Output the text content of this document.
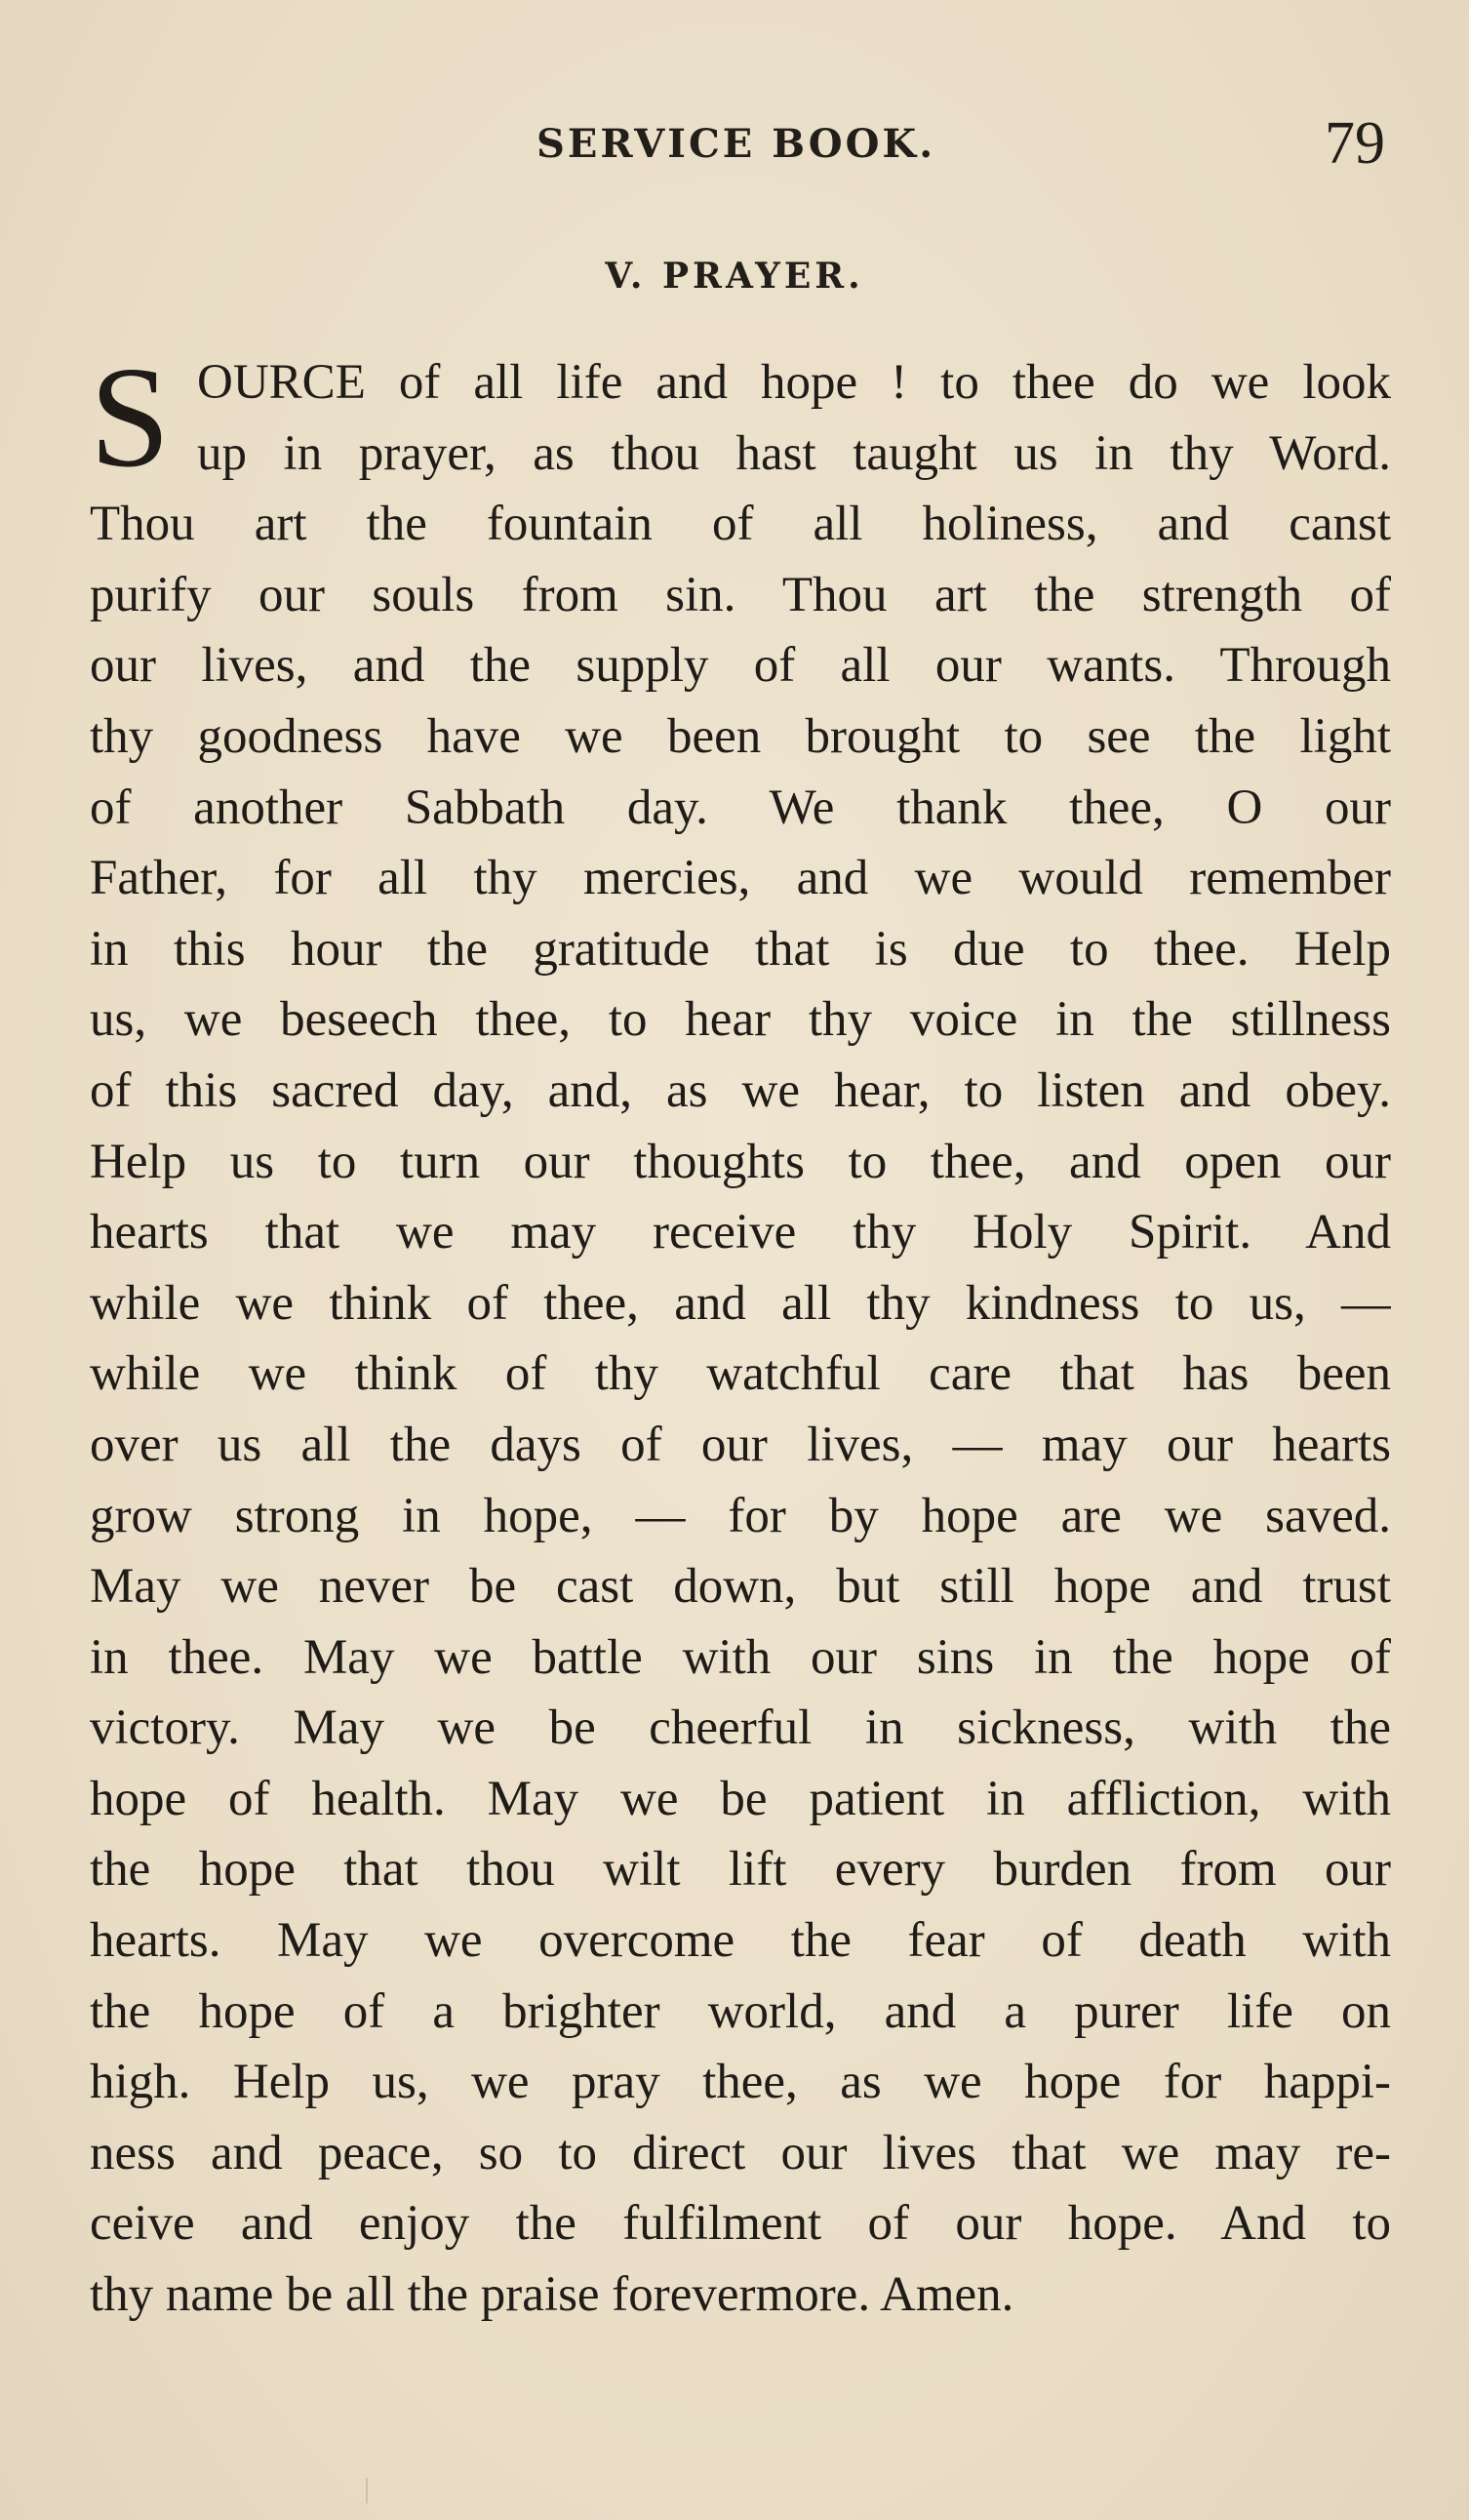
SERVICE BOOK.	79
V. PRAYER.
S OURCE of all life and hope ! to thee do we look
up in prayer, as thou hast taught us in thy Word.
Thou art the fountain of all holiness, and canst
purify our souls from sin. Thou art the strength of
our lives, and the supply of all our wants. Through
thy goodness have we been brought to see the light
of another Sabbath day. We thank thee, O our
Father, for all thy mercies, and we would remember
in this hour the gratitude that is due to thee. Help
us, we beseech thee, to hear thy voice in the stillness
of this sacred day, and, as we hear, to listen and obey.
Help us to turn our thoughts to thee, and open our
hearts that we may receive thy Holy Spirit. And
while we think of thee, and all thy kindness to us, —
while we think of thy watchful care that has been
over us all the days of our lives, — may our hearts
grow strong in hope, — for by hope are we saved.
May we never be cast down, but still hope and trust
in thee. May we battle with our sins in the hope of
victory. May we be cheerful in sickness, with the
hope of health. May we be patient in affliction, with
the hope that thou wilt lift every burden from our
hearts. May we overcome the fear of death with
the hope of a brighter world, and a purer life on
high. Help us, we pray thee, as we hope for happi-
ness and peace, so to direct our lives that we may re-
ceive and enjoy the fulfilment of our hope. And to
thy name be all the praise forevermore. Amen.
